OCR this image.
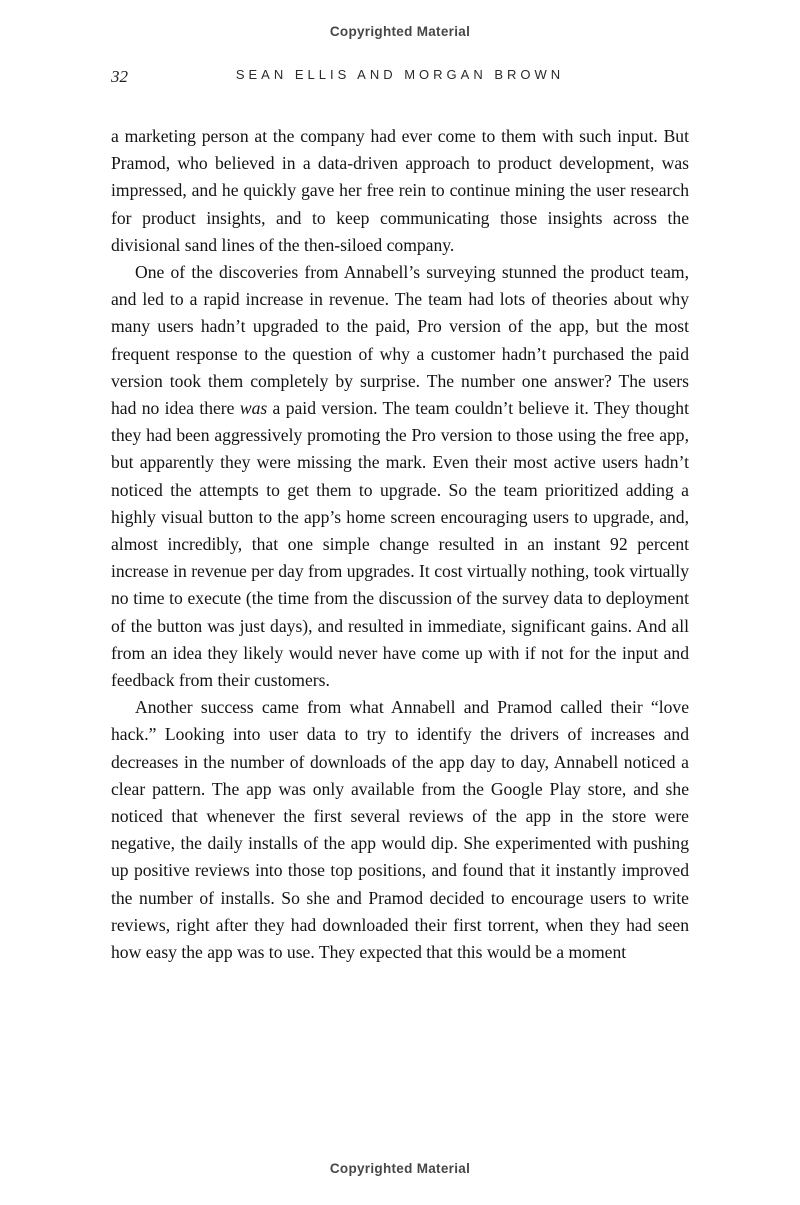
Copyrighted Material
32	SEAN ELLIS AND MORGAN BROWN

a marketing person at the company had ever come to them with such input. But Pramod, who believed in a data-driven approach to product development, was impressed, and he quickly gave her free rein to continue mining the user research for product insights, and to keep communicating those insights across the divisional sand lines of the then-siloed company.

One of the discoveries from Annabell’s surveying stunned the product team, and led to a rapid increase in revenue. The team had lots of theories about why many users hadn’t upgraded to the paid, Pro version of the app, but the most frequent response to the question of why a customer hadn’t purchased the paid version took them completely by surprise. The number one answer? The users had no idea there was a paid version. The team couldn’t believe it. They thought they had been aggressively promoting the Pro version to those using the free app, but apparently they were missing the mark. Even their most active users hadn’t noticed the attempts to get them to upgrade. So the team prioritized adding a highly visual button to the app’s home screen encouraging users to upgrade, and, almost incredibly, that one simple change resulted in an instant 92 percent increase in revenue per day from upgrades. It cost virtually nothing, took virtually no time to execute (the time from the discussion of the survey data to deployment of the button was just days), and resulted in immediate, significant gains. And all from an idea they likely would never have come up with if not for the input and feedback from their customers.

Another success came from what Annabell and Pramod called their “love hack.” Looking into user data to try to identify the drivers of increases and decreases in the number of downloads of the app day to day, Annabell noticed a clear pattern. The app was only available from the Google Play store, and she noticed that whenever the first several reviews of the app in the store were negative, the daily installs of the app would dip. She experimented with pushing up positive reviews into those top positions, and found that it instantly improved the number of installs. So she and Pramod decided to encourage users to write reviews, right after they had downloaded their first torrent, when they had seen how easy the app was to use. They expected that this would be a moment

Copyrighted Material
